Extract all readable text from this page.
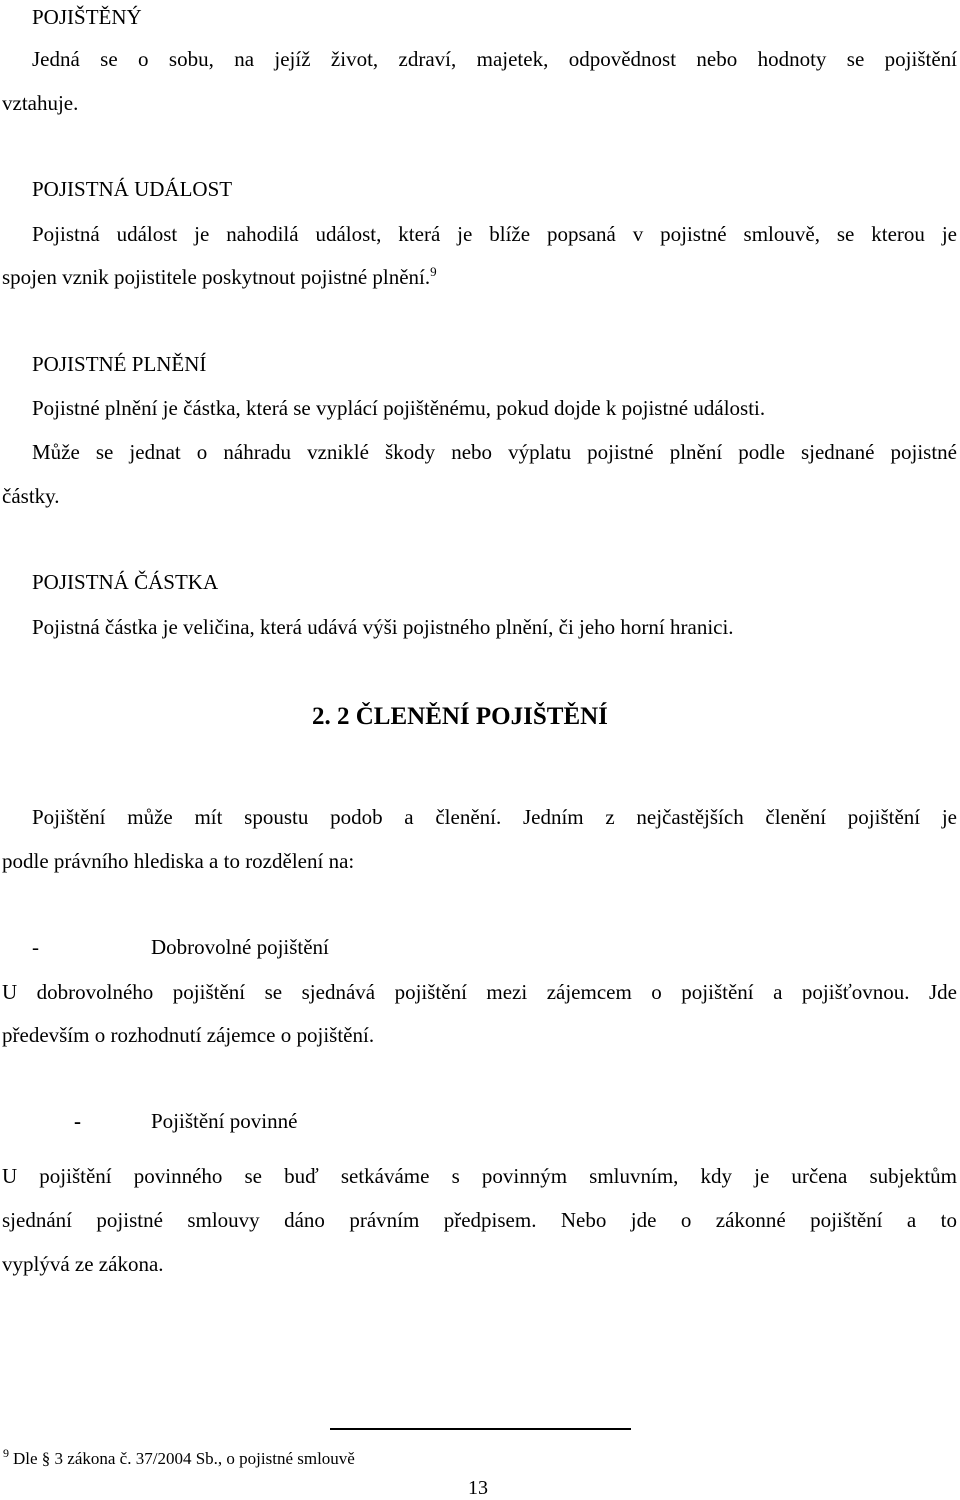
POJIŠTĚNÝ
Jedná se o sobu, na jejíž život, zdraví, majetek, odpovědnost nebo hodnoty se pojištění
vztahuje.
POJISTNÁ UDÁLOST
Pojistná událost je nahodilá událost, která je blíže popsaná v pojistné smlouvě, se kterou je
spojen vznik pojistitele poskytnout pojistné plnění.$^9$
POJISTNÉ PLNĚNÍ
Pojistné plnění je částka, která se vyplácí pojištěnému, pokud dojde k pojistné události.
Může se jednat o náhradu vzniklé škody nebo výplatu pojistné plnění podle sjednané pojistné
částky.
POJISTNÁ ČÁSTKA
Pojistná částka je veličina, která udává výši pojistného plnění, či jeho horní hranici.
2. 2 ČLENĚNÍ POJIŠTĚNÍ
Pojištění může mít spoustu podob a členění. Jedním z nejčastějších členění pojištění je
podle právního hlediska a to rozdělení na:
-	Dobrovolné pojištění
U dobrovolného pojištění se sjednává pojištění mezi zájemcem o pojištění a pojišťovnou. Jde
především o rozhodnutí zájemce o pojištění.
-	Pojištění povinné
U pojištění povinného se buď setkáváme s povinným smluvním, kdy je určena subjektům
sjednání pojistné smlouvy dáno právním předpisem. Nebo jde o zákonné pojištění a to
vyplývá ze zákona.
$^9$ Dle § 3 zákona č. 37/2004 Sb., o pojistné smlouvě
13
